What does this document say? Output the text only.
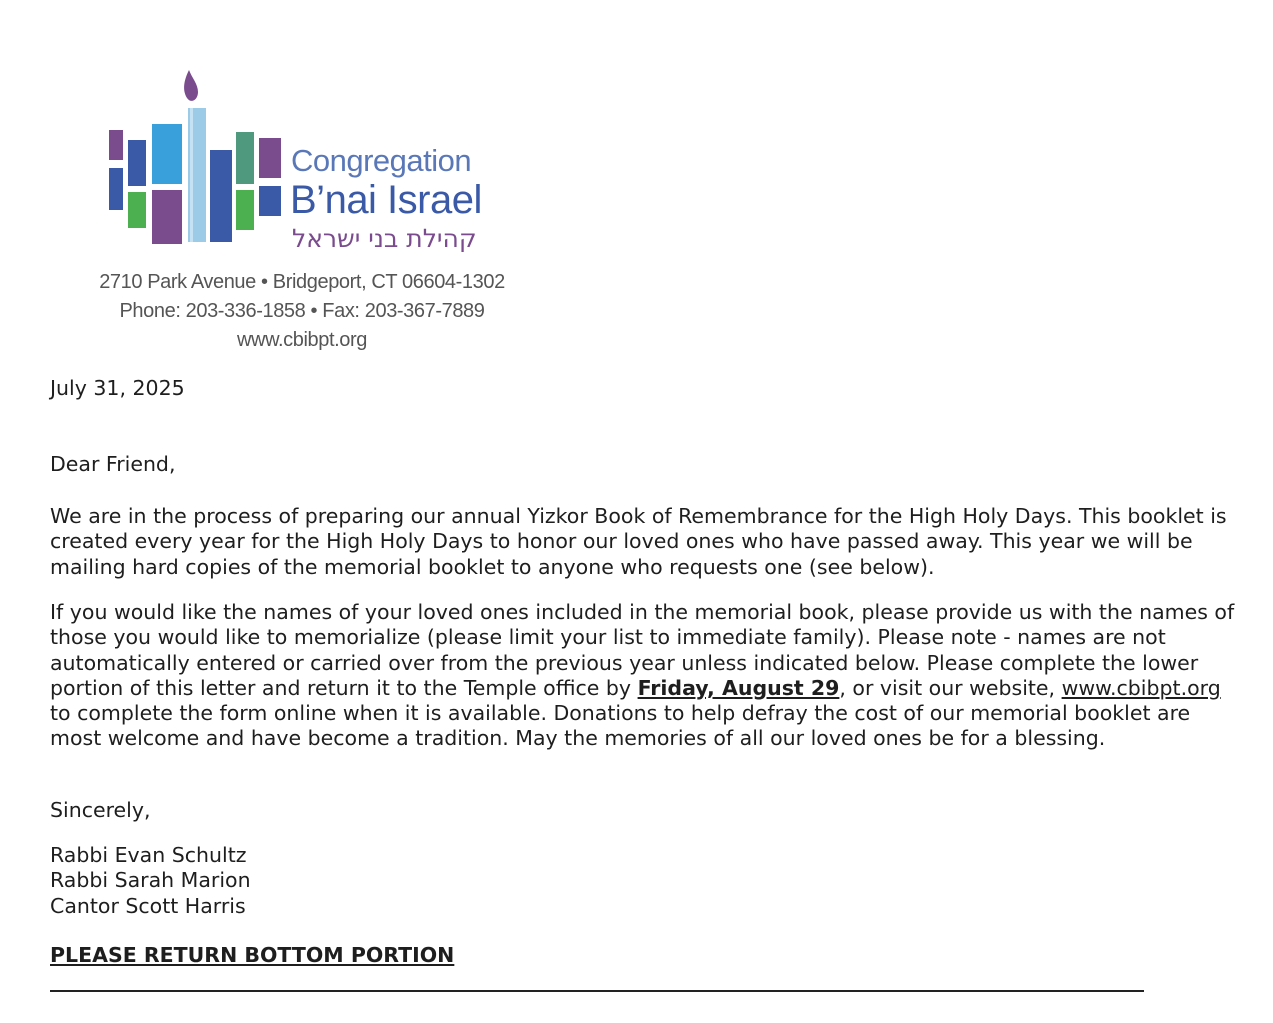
Congregation
B’nai Israel
קהילת בני ישראל
2710 Park Avenue • Bridgeport, CT 06604-1302
Phone: 203-336-1858 • Fax: 203-367-7889
www.cbibpt.org
July 31, 2025
Dear Friend,
We are in the process of preparing our annual Yizkor Book of Remembrance for the High Holy Days. This booklet is created every year for the High Holy Days to honor our loved ones who have passed away. This year we will be mailing hard copies of the memorial booklet to anyone who requests one (see below).
If you would like the names of your loved ones included in the memorial book, please provide us with the names of those you would like to memorialize (please limit your list to immediate family). Please note - names are not automatically entered or carried over from the previous year unless indicated below. Please complete the lower portion of this letter and return it to the Temple office by Friday, August 29, or visit our website, www.cbibpt.org to complete the form online when it is available. Donations to help defray the cost of our memorial booklet are most welcome and have become a tradition. May the memories of all our loved ones be for a blessing.
Sincerely,
Rabbi Evan Schultz
Rabbi Sarah Marion
Cantor Scott Harris
PLEASE RETURN BOTTOM PORTION
